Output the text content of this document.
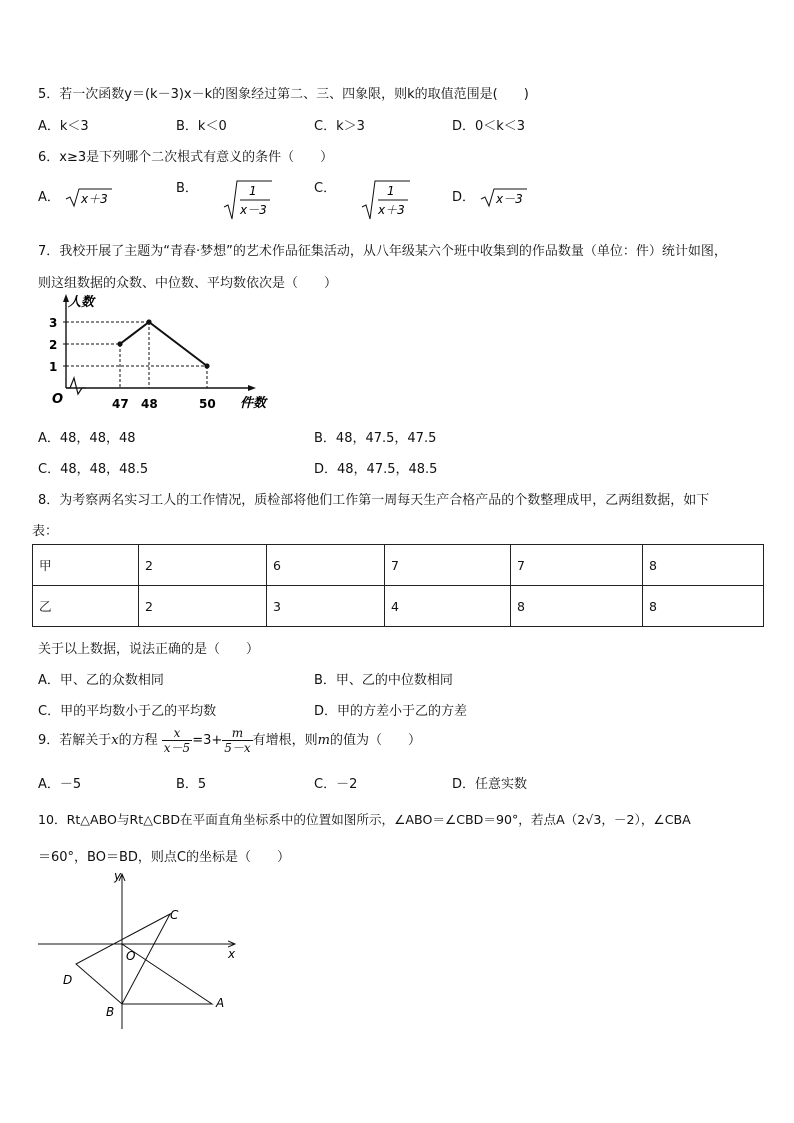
5．若一次函数y＝(k－3)x－k的图象经过第二、三、四象限，则k的取值范围是(　　)
A．k＜3	B．k＜0	C．k＞3	D．0＜k＜3
6．x≥3是下列哪个二次根式有意义的条件（　　）
A． x＋3
B．	1
x－3
C．	1
x＋3
D． x－3
7．我校开展了主题为“青春·梦想”的艺术作品征集活动，从八年级某六个班中收集到的作品数量（单位：件）统计如图，
则这组数据的众数、中位数、平均数依次是（　　）
人数
件数
O
1
2
3
47 48	50
A．48，48，48	B．48，47.5，47.5
C．48，48，48.5	D．48，47.5，48.5
8．为考察两名实习工人的工作情况，质检部将他们工作第一周每天生产合格产品的个数整理成甲，乙两组数据，如下
表：
甲	2	6	7	7	8
乙	2	3	4	8	8
关于以上数据，说法正确的是（　　）
A．甲、乙的众数相同	B．甲、乙的中位数相同
C．甲的平均数小于乙的平均数	D．甲的方差小于乙的方差
9．若解关于x的方程 $\frac{x}{x-5} =3+ \frac{m}{5-x}$ 有增根，则m的值为（　　）
A．－5	B．5	C．－2	D．任意实数
10．Rt△ABO与Rt△CBD在平面直角坐标系中的位置如图所示，∠ABO＝∠CBD＝90°，若点A（2√3，－2），∠CBA
＝60°，BO＝BD，则点C的坐标是（　　）
y
x
O
A
B
C
D
